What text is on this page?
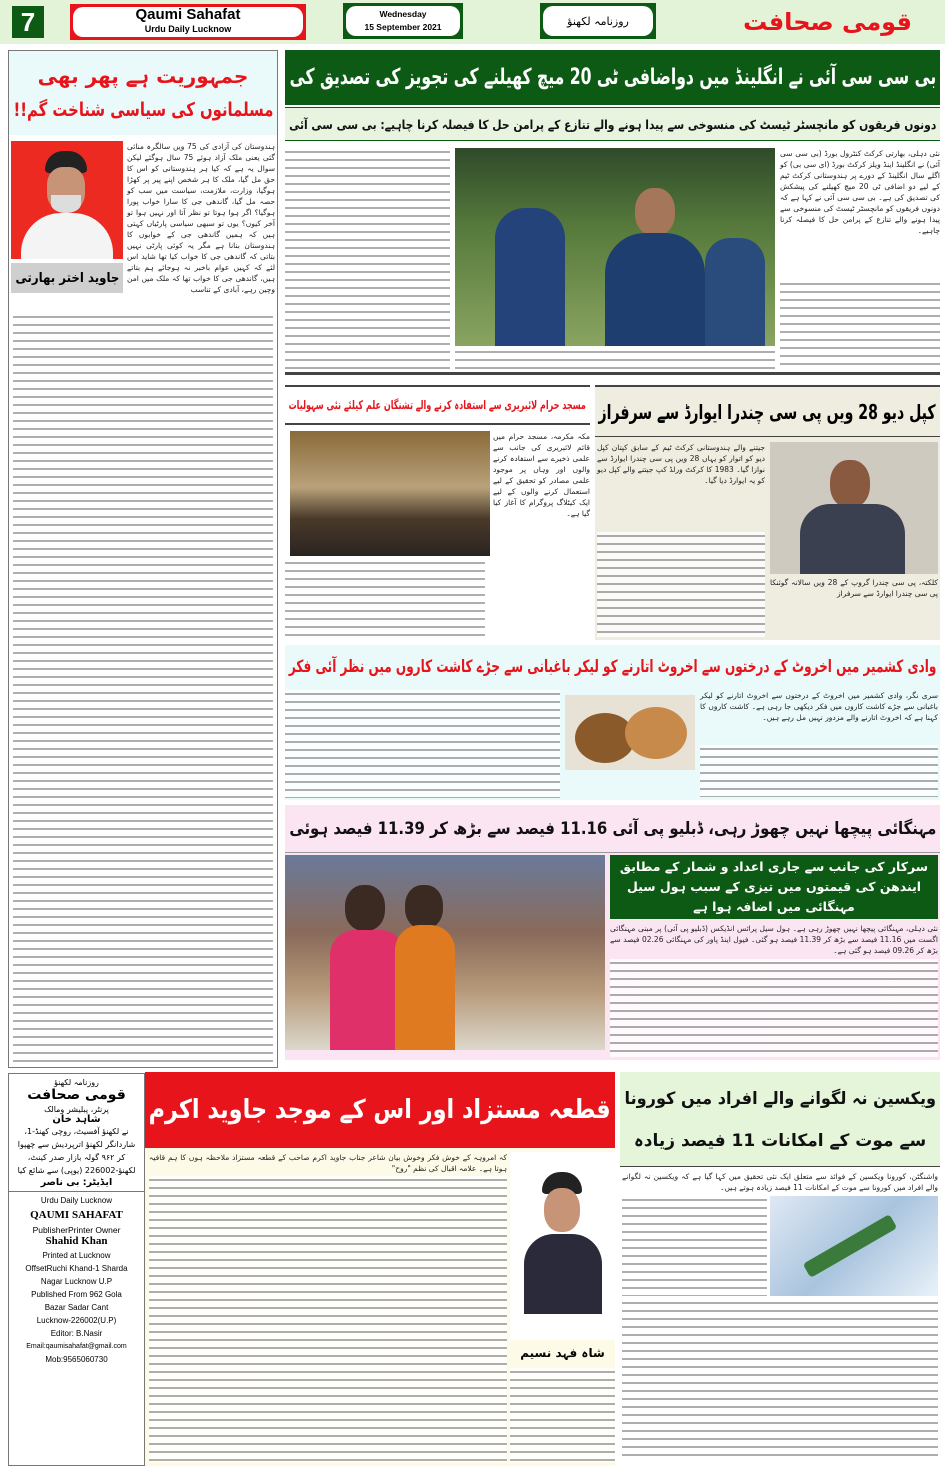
7	Qaumi Sahafat
Urdu Daily Lucknow
Wednesday
15 September 2021	روزنامہ لکھنؤ	قومی صحافت
جمہوریت ہے پھر بھی
مسلمانوں کی سیاسی شناخت گم!!
جاوید اختر بھارتی
ہندوستان کی آزادی کی 75 ویں سالگرہ منائی گئی یعنی ملک آزاد ہوئے 75 سال ہوگئے لیکن سوال یہ ہے کہ کیا ہر ہندوستانی کو اس کا حق مل گیا، ملک کا ہر شخص اپنے پیر پر کھڑا ہوگیا، وزارت، ملازمت، سیاست میں سب کو حصہ مل گیا، گاندھی جی کا سارا خواب پورا ہوگیا؟ اگر ہوا ہوتا تو نظر آتا اور نہیں ہوا تو آخر کیوں؟ یوں تو سبھی سیاسی پارٹیاں کہتی ہیں کہ ہمیں گاندھی جی کے خوابوں کا ہندوستان بنانا ہے مگر یہ کوئی پارٹی نہیں بتاتی کہ گاندھی جی کا خواب کیا تھا شاید اس لئے کہ کہیں عوام باخبر نہ ہوجائے ہم بتاتے ہیں، گاندھی جی کا خواب تھا کہ ملک میں امن وچین رہے، آبادی کے تناسب
بی سی سی آئی نے انگلینڈ میں دواضافی ٹی 20 میچ کھیلنے کی تجویز کی تصدیق کی
دونوں فریقوں کو مانچسٹر ٹیسٹ کی منسوخی سے پیدا ہونے والے تنازع کے پرامن حل کا فیصلہ کرنا چاہیے: بی سی سی آئی
نئی دہلی، بھارتی کرکٹ کنٹرول بورڈ (بی سی سی آئی) نے انگلینڈ اینڈ ویلز کرکٹ بورڈ (ای سی بی) کو اگلے سال انگلینڈ کے دورے پر ہندوستانی کرکٹ ٹیم کے لیے دو اضافی ٹی 20 میچ کھیلنے کی پیشکش کی تصدیق کی ہے۔ بی سی سی آئی نے کہا ہے کہ دونوں فریقوں کو مانچسٹر ٹیسٹ کی منسوخی سے پیدا ہونے والے تنازع کے پرامن حل کا فیصلہ کرنا چاہیے۔
مسجد حرام لائبریری سے استفادہ کرنے والے تشنگان علم کیلئے نئی سہولیات
مکہ مکرمہ، مسجد حرام میں قائم لائبریری کی جانب سے علمی ذخیرے سے استفادہ کرنے والوں اور وہاں پر موجود علمی مصادر کو تحقیق کے لیے استعمال کرنے والوں کے لیے ایک کیٹلاگ پروگرام کا آغاز کیا گیا ہے۔
کپل دیو 28 ویں پی سی چندرا ایوارڈ سے سرفراز
کلکتہ، پی سی چندرا گروپ کے 28 ویں سالانہ گوئنکا پی سی چندرا ایوارڈ سے سرفراز
جیتنے والے ہندوستانی کرکٹ ٹیم کے سابق کپتان کپل دیو کو اتوار کو یہاں 28 ویں پی سی چندرا ایوارڈ سے نوازا گیا۔ 1983 کا کرکٹ ورلڈ کپ جیتنے والے کپل دیو کو یہ ایوارڈ دیا گیا۔
وادی کشمیر میں اخروٹ کے درختوں سے اخروٹ اتارنے کو لیکر باغبانی سے جڑے کاشت کاروں میں نظر آئی فکر
سری نگر، وادی کشمیر میں اخروٹ کے درختوں سے اخروٹ اتارنے کو لیکر باغبانی سے جڑے کاشت کاروں میں فکر دیکھی جا رہی ہے۔ کاشت کاروں کا کہنا ہے کہ اخروٹ اتارنے والے مزدور نہیں مل رہے ہیں۔
مہنگائی پیچھا نہیں چھوڑ رہی، ڈبلیو پی آئی 11.16 فیصد سے بڑھ کر 11.39 فیصد ہوئی
سرکار کی جانب سے جاری اعداد و شمار کے مطابق ایندھن کی قیمتوں میں تیزی کے سبب ہول سیل مہنگائی میں اضافہ ہوا ہے
نئی دہلی، مہنگائی پیچھا نہیں چھوڑ رہی ہے۔ ہول سیل پرائس انڈیکس (ڈبلیو پی آئی) پر مبنی مہنگائی اگست میں 11.16 فیصد سے بڑھ کر 11.39 فیصد ہو گئی۔ فیول اینڈ پاور کی مہنگائی 02.26 فیصد سے بڑھ کر 09.26 فیصد ہو گئی ہے۔
روزنامہ لکھنؤ
قومی صحافت
پرنٹر، پبلیشر ومالک
شاہد خان
نے لکھنؤ آفسیٹ، روچی کھنڈ-1، شاردانگر لکھنؤ اترپردیش سے چھپوا کر ۹۶۲ گولہ بازار صدر کینٹ، لکھنؤ-226002 (یوپی) سے شائع کیا
ایڈیٹر: بی ناصر
Urdu Daily Lucknow
QAUMI SAHAFAT
PublisherPrinter Owner
Shahid Khan
Printed at Lucknow
OffsetRuchi Khand-1 Sharda
Nagar Lucknow U.P
Published From 962 Gola
Bazar Sadar Cant
Lucknow-226002(U.P)
Editor: B.Nasir
Email:qaumisahafat@gmail.com
Mob:9565060730
قطعہ مستزاد اور اس کے موجد جاوید اکرم
کہ امروہہ کے خوش فکر وخوش بیان شاعر جناب جاوید اکرم صاحب کے قطعہ مستزاد ملاحظہ ہوں کا ہم قافیہ ہوتا ہے۔ علامہ اقبال کی نظم "روح"
شاہ فہد نسیم
ویکسین نہ لگوانے والے افراد میں کورونا
سے موت کے امکانات 11 فیصد زیادہ
واشنگٹن، کورونا ویکسین کے فوائد سے متعلق ایک نئی تحقیق میں کہا گیا ہے کہ ویکسین نہ لگوانے والے افراد میں کورونا سے موت کے امکانات 11 فیصد زیادہ ہوتے ہیں۔
